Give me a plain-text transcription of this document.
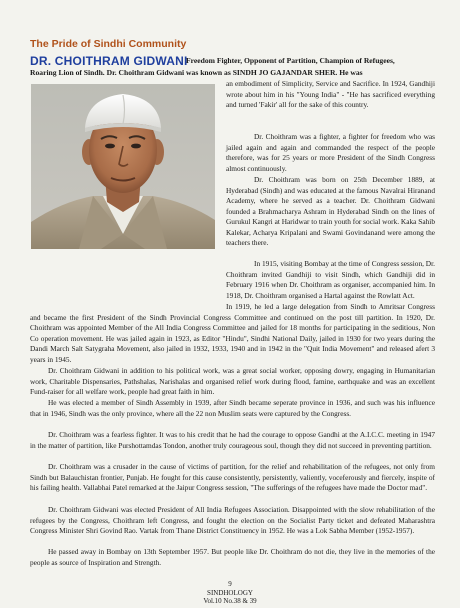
The Pride of Sindhi Community
DR. CHOITHRAM GIDWANI
Freedom Fighter, Opponent of Partition, Champion of Refugees,
Roaring Lion of Sindh. Dr. Choithram Gidwani was known as SINDH JO GAJANDAR SHER. He was
an embodiment of Simplicity, Service and Sacrifice. In 1924, Gandhiji wrote about him in his "Young India" - "He has sacrificed everything and turned 'Fakir' all for the sake of this country.
Dr. Choithram was a fighter, a fighter for freedom who was jailed again and again and commanded the respect of the people therefore, was for 25 years or more President of the Sindh Congress almost continuously.
Dr. Choithram was born on 25th December 1889, at Hyderabad (Sindh) and was educated at the famous Navalrai Hiranand Academy, where he served as a teacher. Dr. Choithram Gidwani founded a Brahmacharya Ashram in Hyderabad Sindh on the lines of Gurukul Kangri at Haridwar to train youth for social work. Kaka Sahib Kalekar, Acharya Kripalani and Swami Govindanand were among the teachers there.
In 1915, visiting Bombay at the time of Congress session, Dr. Choithram invited Gandhiji to visit Sindh, which Gandhiji did in February 1916 when Dr. Choithram as organiser, accompanied him. In 1918, Dr. Choithram organised a Hartal against the Rowlatt Act.
In 1919, he led a large delegation from Sindh to Amritsar Congress and became the first President of the Sindh Provincial Congress Committee and continued on the post till partition. In 1920, Dr. Choithram was appointed Member of the All India Congress Committee and jailed for 18 months for participating in the seditious, Non Co operation movement. He was jailed again in 1923, as Editor "Hindu", Sindhi National Daily, jailed in 1930 for two years during the Dandi March Salt Satygraha Movement, also jailed in 1932, 1933, 1940 and in 1942 in the "Quit India Movement" and released afert 3 years in 1945.
Dr. Choithram Gidwani in addition to his political work, was a great social worker, opposing dowry, engaging in Humanitarian work, Charitable Dispensaries, Pathshalas, Narishalas and organised relief work during flood, famine, earthquake and was an excellent Fund-raiser for all welfare work, people had great faith in him.
He was elected a member of Sindh Assembly in 1939, after Sindh became seperate province in 1936, and such was his influence that in 1946, Sindh was the only province, where all the 22 non Muslim seats were captured by the Congress.
Dr. Choithram was a fearless fighter. It was to his credit that he had the courage to oppose Gandhi at the A.I.C.C. meeting in 1947 in the matter of partition, like Purshottamdas Tondon, another truly courageous soul, though they did not succeed in preventing partition.
Dr. Choithram was a crusader in the cause of victims of partition, for the relief and rehabilitation of the refugees, not only from Sindh but Balauchistan frontier, Punjab. He fought for this cause consistently, persistently, valiently, voceferously and fiercely, inspite of his failing health. Vallabhai Patel remarked at the Jaipur Congress session, "The sufferings of the refugees have made the Doctor mad".
Dr. Choithram Gidwani was elected President of All India Refugees Association. Disappointed with the slow rehabilitation of the refugees by the Congress, Choithram left Congress, and fought the election on the Socialist Party ticket and defeated Maharashtra Congress Minister Shri Govind Rao. Vartak from Thane District Constituency in 1952. He was a Lok Sabha Member (1952-1957).
He passed away in Bombay on 13th September 1957. But people like Dr. Choithram do not die, they live in the memories of the people as source of Inspiration and Strength.
9
SINDHOLOGY
Vol.10 No.38 & 39
